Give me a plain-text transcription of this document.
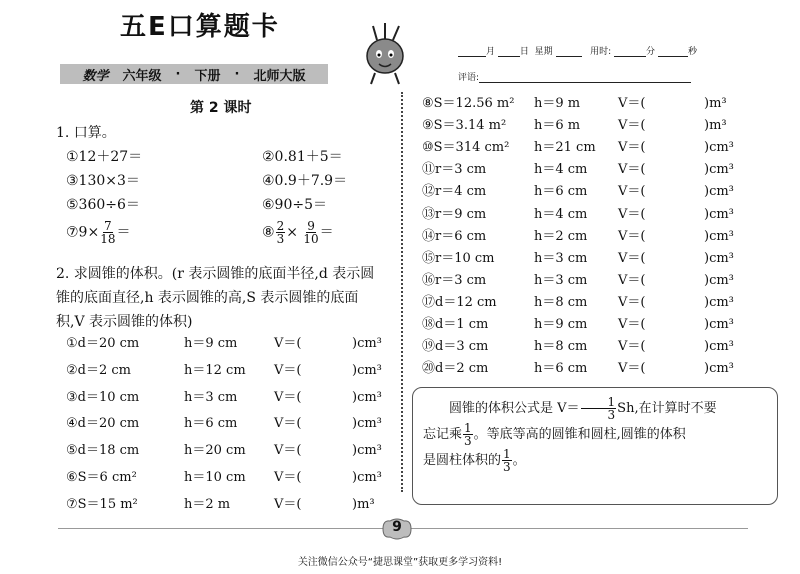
五E口算题卡
数学 六年级 · 下册 · 北师大版
月	日 星期	用时:	分	秒
评语:
第 2 课时
1. 口算。
①12＋27＝	②0.81＋5＝
③130×3＝	④0.9＋7.9＝
⑤360÷6＝	⑥90÷5＝
⑦9× $\frac{7}{18}$ ＝	⑧ $\frac{2}{3} \times \frac{9}{10}$ ＝
2. 求圆锥的体积。(r 表示圆锥的底面半径,d 表示圆
锥的底面直径,h 表示圆锥的高,S 表示圆锥的底面
积,V 表示圆锥的体积)
①d＝20 cm	h＝9 cm	V＝(	)cm³
②d＝2 cm	h＝12 cm V＝(	)cm³
③d＝10 cm	h＝3 cm	V＝(	)cm³
④d＝20 cm	h＝6 cm	V＝(	)cm³
⑤d＝18 cm	h＝20 cm V＝(	)cm³
⑥S＝6 cm²	h＝10 cm V＝(	)cm³
⑦S＝15 m²	h＝2 m	V＝(	)m³
⑧S＝12.56 m² h＝9 m	V＝(	)m³
⑨S＝3.14 m² h＝6 m	V＝(	)m³
⑩S＝314 cm² h＝21 cm V＝(	)cm³
⑪r＝3 cm	h＝4 cm V＝(	)cm³
⑫r＝4 cm	h＝6 cm V＝(	)cm³
⑬r＝9 cm	h＝4 cm V＝(	)cm³
⑭r＝6 cm	h＝2 cm V＝(	)cm³
⑮r＝10 cm	h＝3 cm V＝(	)cm³
⑯r＝3 cm	h＝3 cm V＝(	)cm³
⑰d＝12 cm	h＝8 cm V＝(	)cm³
⑱d＝1 cm	h＝9 cm V＝(	)cm³
⑲d＝3 cm	h＝8 cm V＝(	)cm³
⑳d＝2 cm	h＝6 cm V＝(	)cm³
圆锥的体积公式是 $V= \frac{1}{3} Sh$,在计算时不要
忘记乘 $\frac{1}{3}$ 。等底等高的圆锥和圆柱,圆锥的体积
是圆柱体积的 $\frac{1}{3}$ 。
9
关注微信公众号“捷思课堂”获取更多学习资料!
